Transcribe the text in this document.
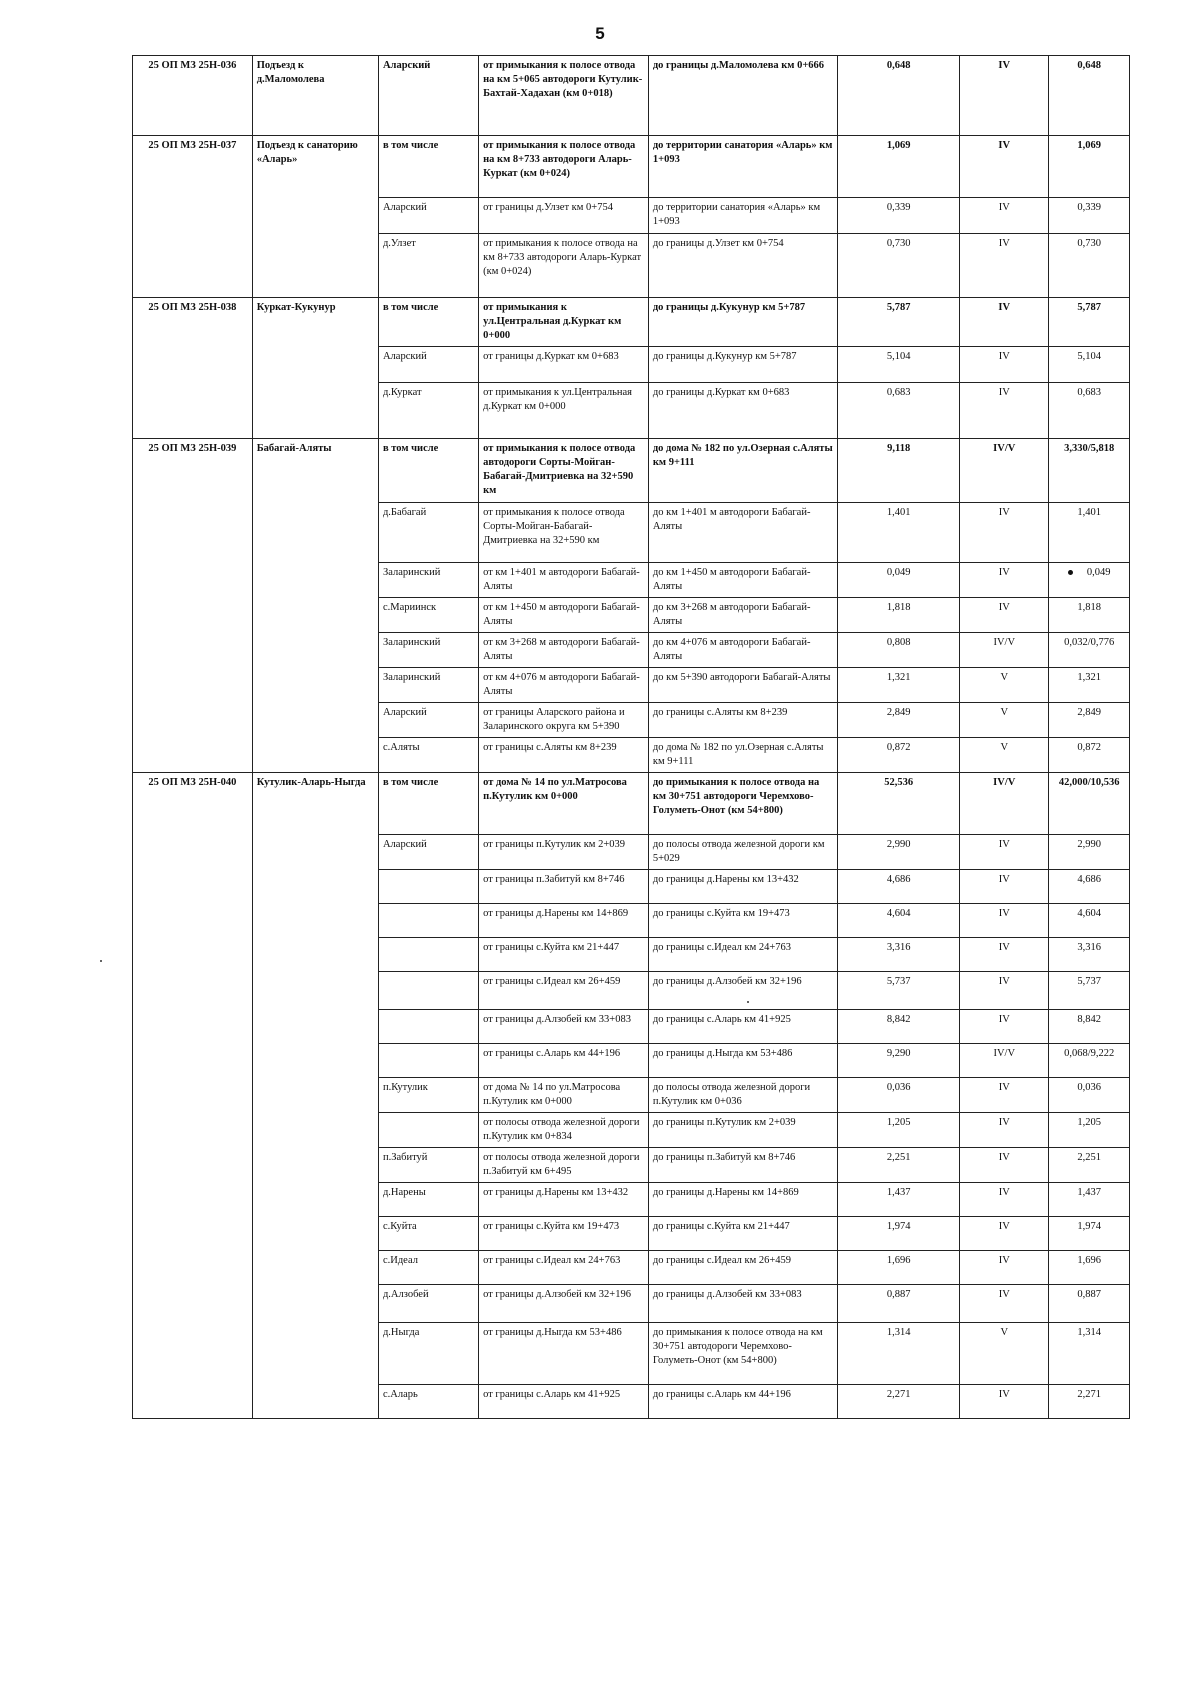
5
25 ОП МЗ 25Н-036	Подъезд к д.Маломолева	Аларский	от примыкания к полосе отвода на км 5+065 автодороги Кутулик-Бахтай-Хадахан (км 0+018)	до границы д.Маломолева км 0+666	0,648	IV	0,648
25 ОП МЗ 25Н-037	Подъезд к санаторию «Аларь»	в том числе	от примыкания к полосе отвода на км 8+733 автодороги Аларь-Куркат (км 0+024)	до территории санатория «Аларь» км 1+093	1,069	IV	1,069
		Аларский	от границы д.Улзет км 0+754	до территории санатория «Аларь» км 1+093	0,339	IV	0,339
		д.Улзет	от примыкания к полосе отвода на км 8+733 автодороги Аларь-Куркат (км 0+024)	до границы д.Улзет км 0+754	0,730	IV	0,730
25 ОП МЗ 25Н-038	Куркат-Кукунур	в том числе	от примыкания к ул.Центральная д.Куркат км 0+000	до границы д.Кукунур км 5+787	5,787	IV	5,787
		Аларский	от границы д.Куркат км 0+683	до границы д.Кукунур км 5+787	5,104	IV	5,104
		д.Куркат	от примыкания к ул.Центральная д.Куркат км 0+000	до границы д.Куркат км 0+683	0,683	IV	0,683
25 ОП МЗ 25Н-039	Бабагай-Аляты	в том числе	от примыкания к полосе отвода автодороги Сорты-Мойган-Бабагай-Дмитриевка на 32+590 км	до дома № 182 по ул.Озерная с.Аляты км 9+111	9,118	IV/V	3,330/5,818
		д.Бабагай	от примыкания к полосе отвода Сорты-Мойган-Бабагай-Дмитриевка на 32+590 км	до км 1+401 м автодороги Бабагай-Аляты	1,401	IV	1,401
		Заларинский	от км 1+401 м автодороги Бабагай-Аляты	до км 1+450 м автодороги Бабагай-Аляты	0,049	IV	0,049
		с.Мариинск	от км 1+450 м автодороги Бабагай-Аляты	до км 3+268 м автодороги Бабагай-Аляты	1,818	IV	1,818
		Заларинский	от км 3+268 м автодороги Бабагай-Аляты	до км 4+076 м автодороги Бабагай-Аляты	0,808	IV/V	0,032/0,776
		Заларинский	от км 4+076 м автодороги Бабагай-Аляты	до км 5+390 автодороги Бабагай-Аляты	1,321	V	1,321
		Аларский	от границы Аларского района и Заларинского округа км 5+390	до границы с.Аляты км 8+239	2,849	V	2,849
		с.Аляты	от границы с.Аляты км 8+239	до дома № 182 по ул.Озерная с.Аляты км 9+111	0,872	V	0,872
25 ОП МЗ 25Н-040	Кутулик-Аларь-Ныгда	в том числе	от дома № 14 по ул.Матросова п.Кутулик км 0+000	до примыкания к полосе отвода на км 30+751 автодороги Черемхово-Голуметь-Онот (км 54+800)	52,536	IV/V	42,000/10,536
		Аларский	от границы п.Кутулик км 2+039	до полосы отвода железной дороги км 5+029	2,990	IV	2,990
			от границы п.Забитуй км 8+746	до границы д.Нарены км 13+432	4,686	IV	4,686
			от границы д.Нарены км 14+869	до границы с.Куйта км 19+473	4,604	IV	4,604
			от границы с.Куйта км 21+447	до границы с.Идеал км 24+763	3,316	IV	3,316
			от границы с.Идеал км 26+459	до границы д.Алзобей км 32+196	5,737	IV	5,737
			от границы д.Алзобей км 33+083	до границы с.Аларь км 41+925	8,842	IV	8,842
			от границы с.Аларь км 44+196	до границы д.Ныгда км 53+486	9,290	IV/V	0,068/9,222
		п.Кутулик	от дома № 14 по ул.Матросова п.Кутулик км 0+000	до полосы отвода железной дороги п.Кутулик км 0+036	0,036	IV	0,036
			от полосы отвода железной дороги п.Кутулик км 0+834	до границы п.Кутулик км 2+039	1,205	IV	1,205
		п.Забитуй	от полосы отвода железной дороги п.Забитуй км 6+495	до границы п.Забитуй км 8+746	2,251	IV	2,251
		д.Нарены	от границы д.Нарены км 13+432	до границы д.Нарены км 14+869	1,437	IV	1,437
		с.Куйта	от границы с.Куйта км 19+473	до границы с.Куйта км 21+447	1,974	IV	1,974
		с.Идеал	от границы с.Идеал км 24+763	до границы с.Идеал км 26+459	1,696	IV	1,696
		д.Алзобей	от границы д.Алзобей км 32+196	до границы д.Алзобей км 33+083	0,887	IV	0,887
		д.Ныгда	от границы д.Ныгда км 53+486	до примыкания к полосе отвода на км 30+751 автодороги Черемхово-Голуметь-Онот (км 54+800)	1,314	V	1,314
		с.Аларь	от границы с.Аларь км 41+925	до границы с.Аларь км 44+196	2,271	IV	2,271
